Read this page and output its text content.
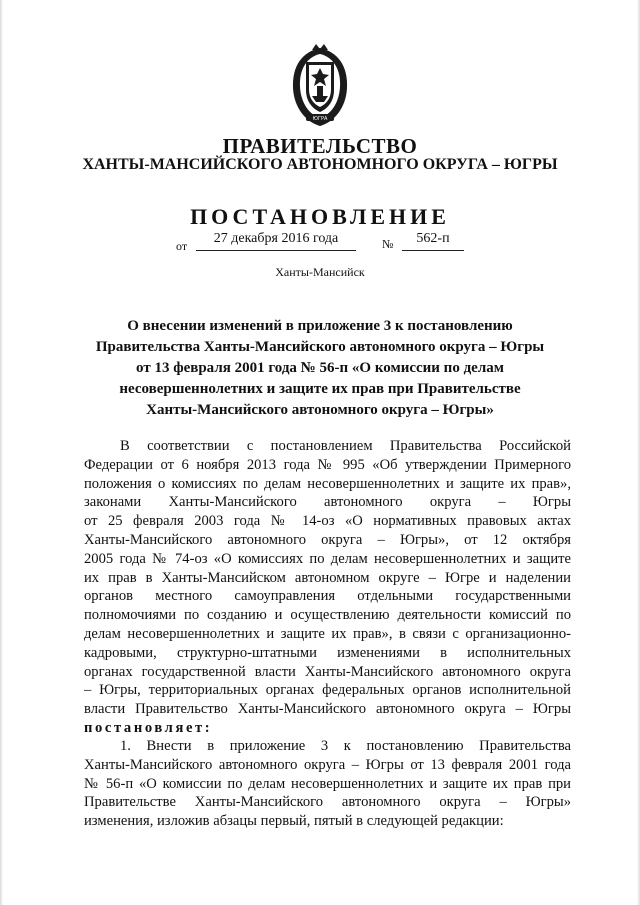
ЮГРА
ПРАВИТЕЛЬСТВО
ХАНТЫ-МАНСИЙСКОГО АВТОНОМНОГО ОКРУГА – ЮГРЫ
ПОСТАНОВЛЕНИЕ
от	27 декабря 2016 года	№	562-п
Ханты-Мансийск
О внесении изменений в приложение 3 к постановлению
Правительства Ханты-Мансийского автономного округа – Югры
от 13 февраля 2001 года № 56-п «О комиссии по делам
несовершеннолетних и защите их прав при Правительстве
Ханты-Мансийского автономного округа – Югры»
В соответствии с постановлением Правительства Российской
Федерации от 6 ноября 2013 года № 995 «Об утверждении Примерного
положения о комиссиях по делам несовершеннолетних и защите их прав»,
законами Ханты-Мансийского автономного округа – Югры
от 25 февраля 2003 года № 14-оз «О нормативных правовых актах
Ханты-Мансийского автономного округа – Югры», от 12 октября
2005 года № 74-оз «О комиссиях по делам несовершеннолетних и защите
их прав в Ханты-Мансийском автономном округе – Югре и наделении
органов местного самоуправления отдельными государственными
полномочиями по созданию и осуществлению деятельности комиссий по
делам несовершеннолетних и защите их прав», в связи с организационно-
кадровыми, структурно-штатными изменениями в исполнительных
органах государственной власти Ханты-Мансийского автономного округа
– Югры, территориальных органах федеральных органов исполнительной
власти Правительство Ханты-Мансийского автономного округа – Югры
постановляет:
1. Внести в приложение 3 к постановлению Правительства
Ханты-Мансийского автономного округа – Югры от 13 февраля 2001 года
№ 56-п «О комиссии по делам несовершеннолетних и защите их прав при
Правительстве Ханты-Мансийского автономного округа – Югры»
изменения, изложив абзацы первый, пятый в следующей редакции:
